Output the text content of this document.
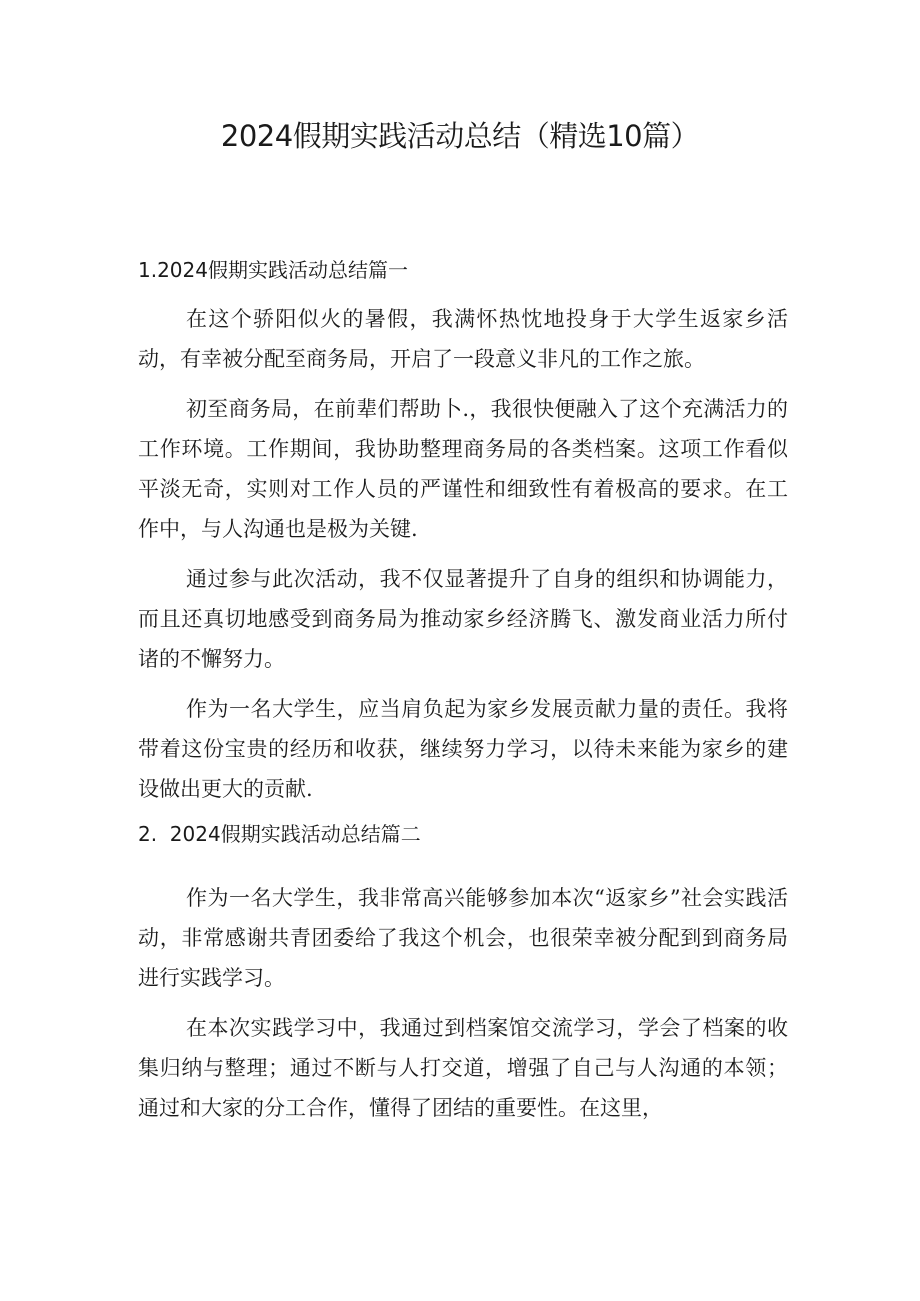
2024假期实践活动总结（精选10篇）
1.2024假期实践活动总结篇一

在这个骄阳似火的暑假，我满怀热忱地投身于大学生返家乡活动，有幸被分配至商务局，开启了一段意义非凡的工作之旅。

初至商务局，在前辈们帮助卜.，我很快便融入了这个充满活力的工作环境。工作期间，我协助整理商务局的各类档案。这项工作看似平淡无奇，实则对工作人员的严谨性和细致性有着极高的要求。在工作中，与人沟通也是极为关键.

通过参与此次活动，我不仅显著提升了自身的组织和协调能力，而且还真切地感受到商务局为推动家乡经济腾飞、激发商业活力所付诸的不懈努力。

作为一名大学生，应当肩负起为家乡发展贡献力量的责任。我将带着这份宝贵的经历和收获，继续努力学习，以待未来能为家乡的建设做出更大的贡献.

2.  2024假期实践活动总结篇二

作为一名大学生，我非常高兴能够参加本次“返家乡”社会实践活动，非常感谢共青团委给了我这个机会，也很荣幸被分配到到商务局进行实践学习。

在本次实践学习中，我通过到档案馆交流学习，学会了档案的收集归纳与整理；通过不断与人打交道，增强了自己与人沟通的本领；通过和大家的分工合作，懂得了团结的重要性。在这里，
